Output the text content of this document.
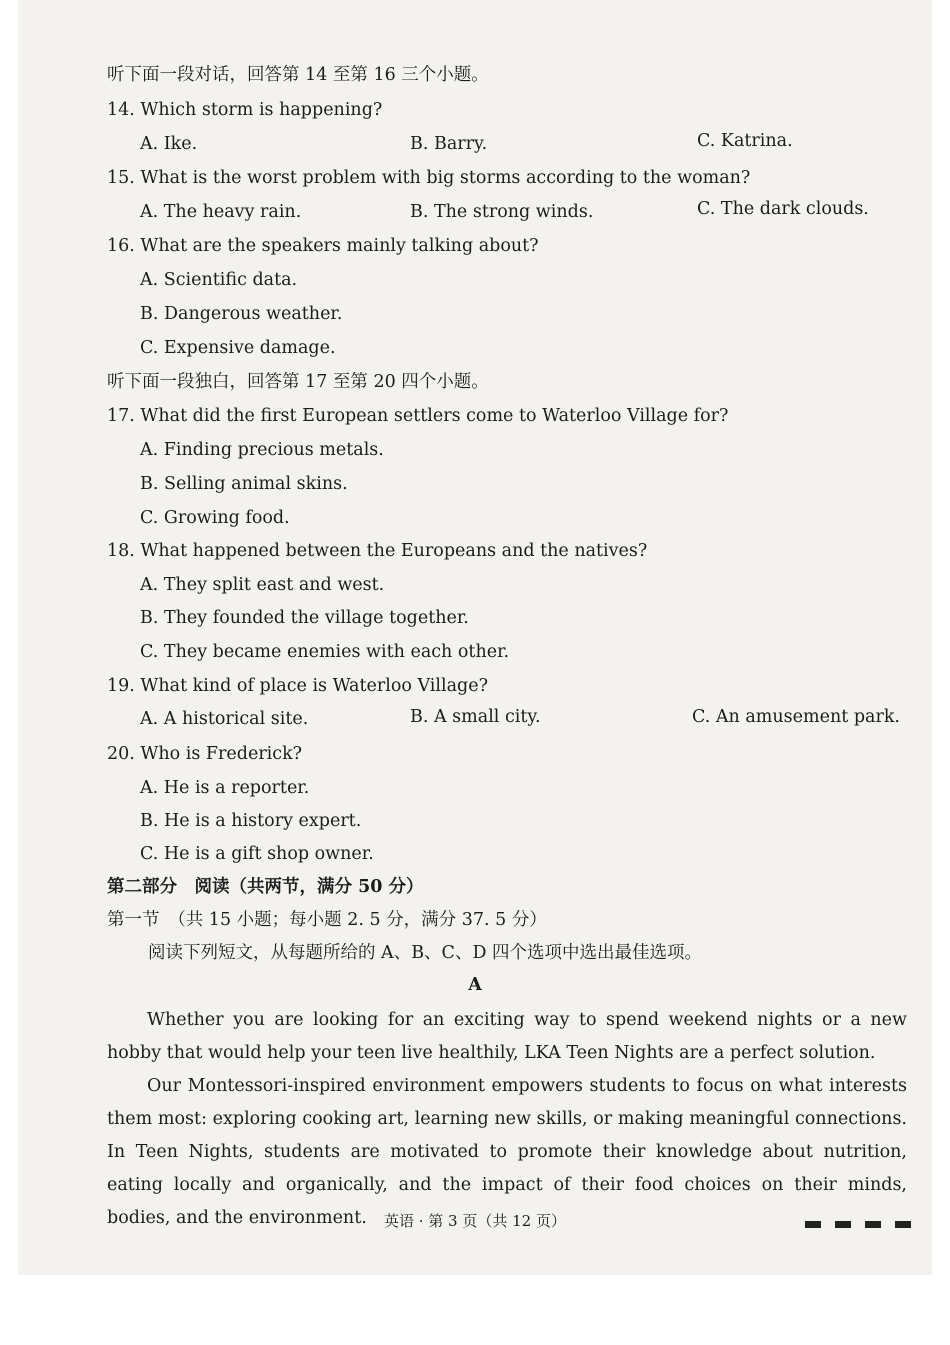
听下面一段对话，回答第 14 至第 16 三个小题。
14. Which storm is happening?
A. Ike.	B. Barry.	C. Katrina.
15. What is the worst problem with big storms according to the woman?
A. The heavy rain.	B. The strong winds.	C. The dark clouds.
16. What are the speakers mainly talking about?
A. Scientific data.
B. Dangerous weather.
C. Expensive damage.
听下面一段独白，回答第 17 至第 20 四个小题。
17. What did the first European settlers come to Waterloo Village for?
A. Finding precious metals.
B. Selling animal skins.
C. Growing food.
18. What happened between the Europeans and the natives?
A. They split east and west.
B. They founded the village together.
C. They became enemies with each other.
19. What kind of place is Waterloo Village?
A. A historical site.	B. A small city.	C. An amusement park.
20. Who is Frederick?
A. He is a reporter.
B. He is a history expert.
C. He is a gift shop owner.
第二部分　阅读（共两节，满分 50 分）
第一节　（共 15 小题；每小题 2. 5 分，满分 37. 5 分）
阅读下列短文，从每题所给的 A、B、C、D 四个选项中选出最佳选项。
A
Whether you are looking for an exciting way to spend weekend nights or a new hobby that would help your teen live healthily, LKA Teen Nights are a perfect solution.
Our Montessori-inspired environment empowers students to focus on what interests them most: exploring cooking art, learning new skills, or making meaningful connections. In Teen Nights, students are motivated to promote their knowledge about nutrition, eating locally and organically, and the impact of their food choices on their minds, bodies, and the environment.	英语 · 第 3 页（共 12 页）
